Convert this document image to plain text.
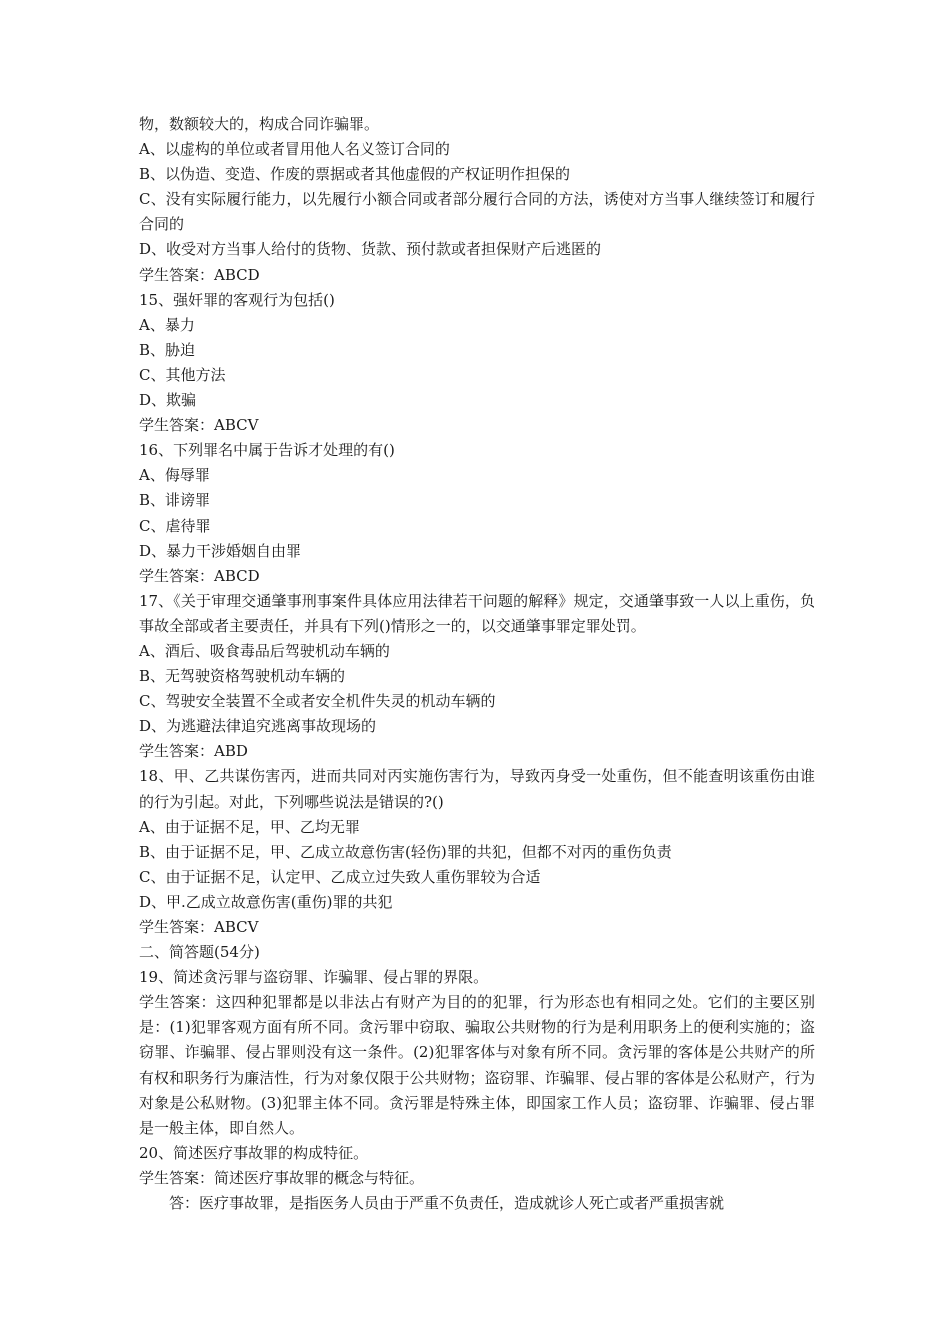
物，数额较大的，构成合同诈骗罪。
A、以虚构的单位或者冒用他人名义签订合同的
B、以伪造、变造、作废的票据或者其他虚假的产权证明作担保的
C、没有实际履行能力，以先履行小额合同或者部分履行合同的方法，诱使对方当事人继续签订和履行合同的
D、收受对方当事人给付的货物、货款、预付款或者担保财产后逃匿的
学生答案：ABCD
15、强奸罪的客观行为包括()
A、暴力
B、胁迫
C、其他方法
D、欺骗
学生答案：ABCV
16、下列罪名中属于告诉才处理的有()
A、侮辱罪
B、诽谤罪
C、虐待罪
D、暴力干涉婚姻自由罪
学生答案：ABCD
17、《关于审理交通肇事刑事案件具体应用法律若干问题的解释》规定，交通肇事致一人以上重伤，负事故全部或者主要责任，并具有下列()情形之一的，以交通肇事罪定罪处罚。
A、酒后、吸食毒品后驾驶机动车辆的
B、无驾驶资格驾驶机动车辆的
C、驾驶安全装置不全或者安全机件失灵的机动车辆的
D、为逃避法律追究逃离事故现场的
学生答案：ABD
18、甲、乙共谋伤害丙，进而共同对丙实施伤害行为，导致丙身受一处重伤，但不能查明该重伤由谁的行为引起。对此，下列哪些说法是错误的?()
A、由于证据不足，甲、乙均无罪
B、由于证据不足，甲、乙成立故意伤害(轻伤)罪的共犯，但都不对丙的重伤负责
C、由于证据不足，认定甲、乙成立过失致人重伤罪较为合适
D、甲.乙成立故意伤害(重伤)罪的共犯
学生答案：ABCV
二、简答题(54分)
19、简述贪污罪与盗窃罪、诈骗罪、侵占罪的界限。
学生答案：这四种犯罪都是以非法占有财产为目的的犯罪，行为形态也有相同之处。它们的主要区别是：(1)犯罪客观方面有所不同。贪污罪中窃取、骗取公共财物的行为是利用职务上的便利实施的；盗窃罪、诈骗罪、侵占罪则没有这一条件。(2)犯罪客体与对象有所不同。贪污罪的客体是公共财产的所有权和职务行为廉洁性，行为对象仅限于公共财物；盗窃罪、诈骗罪、侵占罪的客体是公私财产，行为对象是公私财物。(3)犯罪主体不同。贪污罪是特殊主体，即国家工作人员；盗窃罪、诈骗罪、侵占罪是一般主体，即自然人。
20、简述医疗事故罪的构成特征。
学生答案：简述医疗事故罪的概念与特征。
答：医疗事故罪，是指医务人员由于严重不负责任，造成就诊人死亡或者严重损害就
